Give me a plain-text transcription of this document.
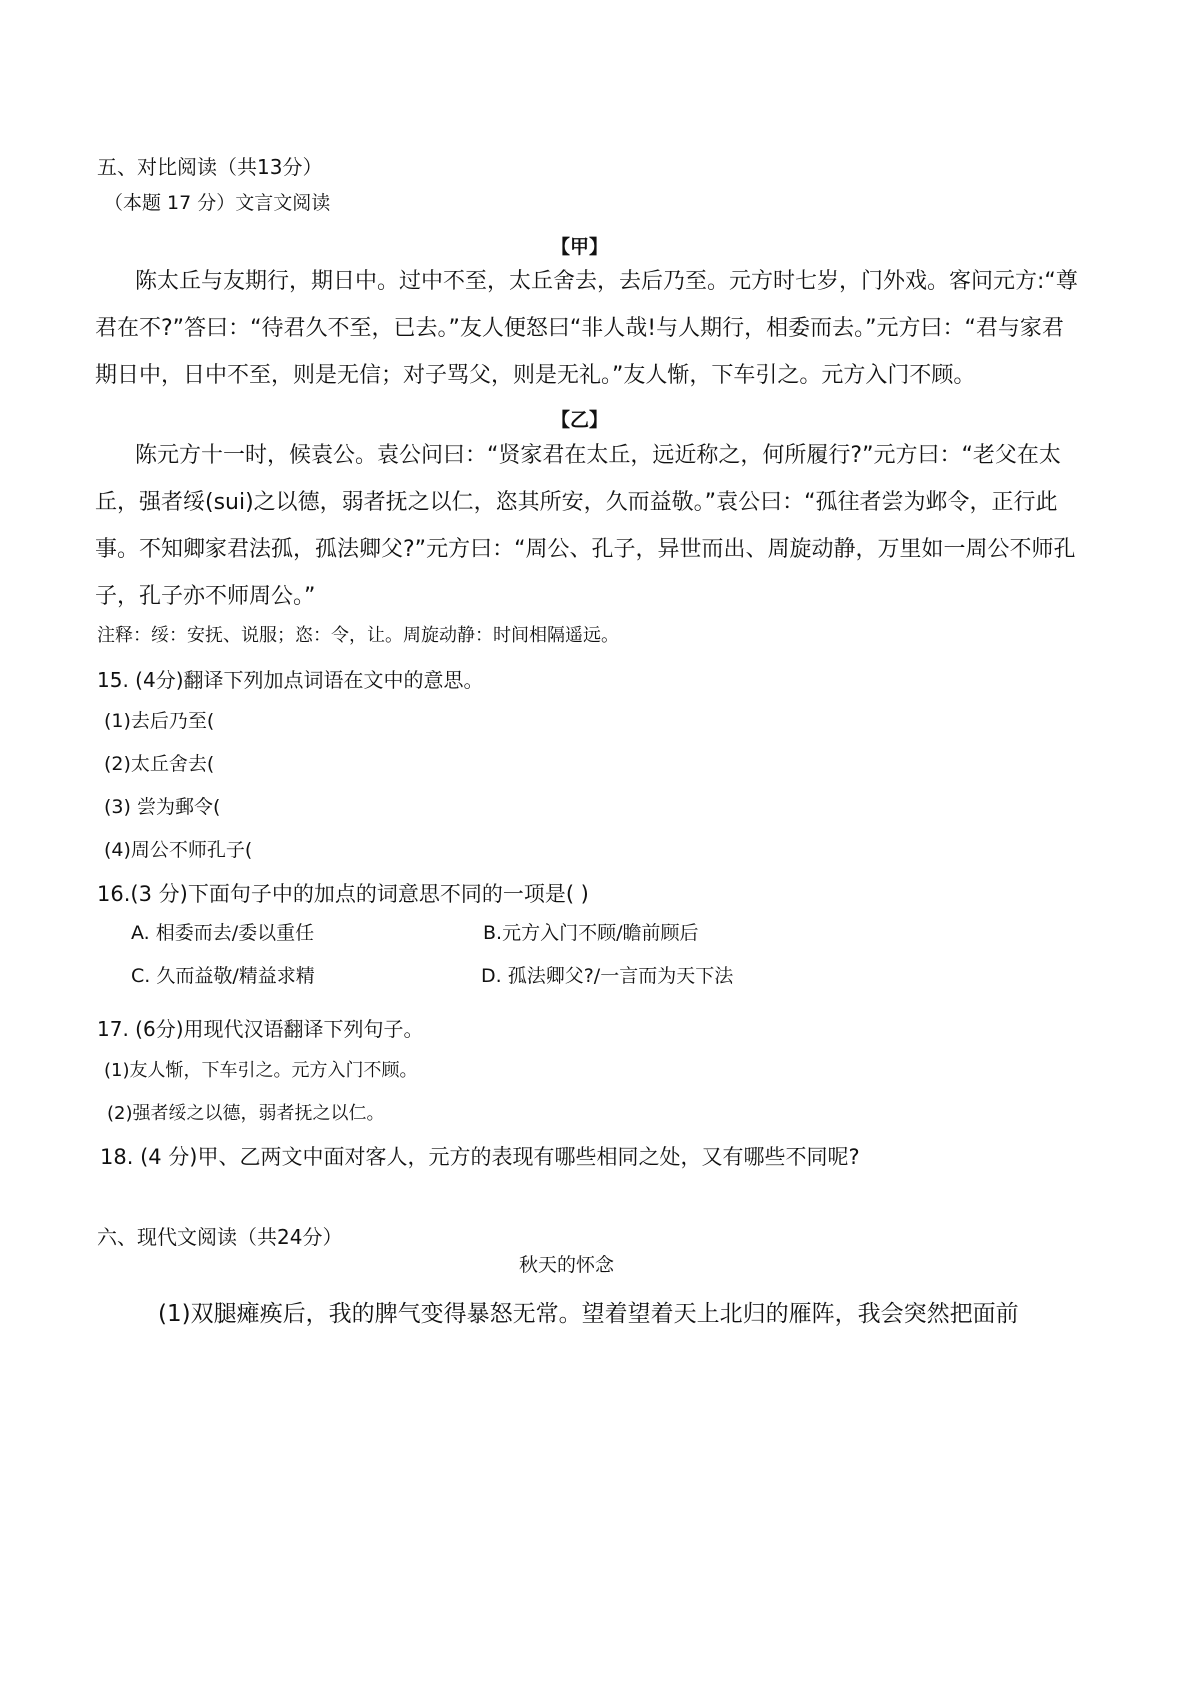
五、对比阅读（共13分）
（本题 17 分）文言文阅读
【甲】
陈太丘与友期行，期日中。过中不至，太丘舍去，去后乃至。元方时七岁，门外戏。客问元方:“尊
君在不?”答曰：“待君久不至，已去。”友人便怒曰“非人哉!与人期行，相委而去。”元方曰：“君与家君
期日中，日中不至，则是无信；对子骂父，则是无礼。”友人惭，下车引之。元方入门不顾。
【乙】
陈元方十一时，候袁公。袁公问曰：“贤家君在太丘，远近称之，何所履行?”元方曰：“老父在太
丘，强者绥(sui)之以德，弱者抚之以仁，恣其所安，久而益敬。”袁公曰：“孤往者尝为邺令，正行此
事。不知卿家君法孤，孤法卿父?”元方曰：“周公、孔子，异世而出、周旋动静，万里如一周公不师孔
子，孔子亦不师周公。”
注释：绥：安抚、说服；恣：令，让。周旋动静：时间相隔遥远。
15. (4分)翻译下列加点词语在文中的意思。
(1)去后乃至(
(2)太丘舍去(
(3) 尝为郵令(
(4)周公不师孔子(
16.(3 分)下面句子中的加点的词意思不同的一项是( )
A. 相委而去/委以重任	B.元方入门不顾/瞻前顾后
C. 久而益敬/精益求精	D. 孤法卿父?/一言而为天下法
17. (6分)用现代汉语翻译下列句子。
(1)友人惭，下车引之。元方入门不顾。
(2)强者绥之以德，弱者抚之以仁。
18. (4 分)甲、乙两文中面对客人，元方的表现有哪些相同之处，又有哪些不同呢?
六、现代文阅读（共24分）
秋天的怀念
(1)双腿瘫痪后，我的脾气变得暴怒无常。望着望着天上北归的雁阵，我会突然把面前
